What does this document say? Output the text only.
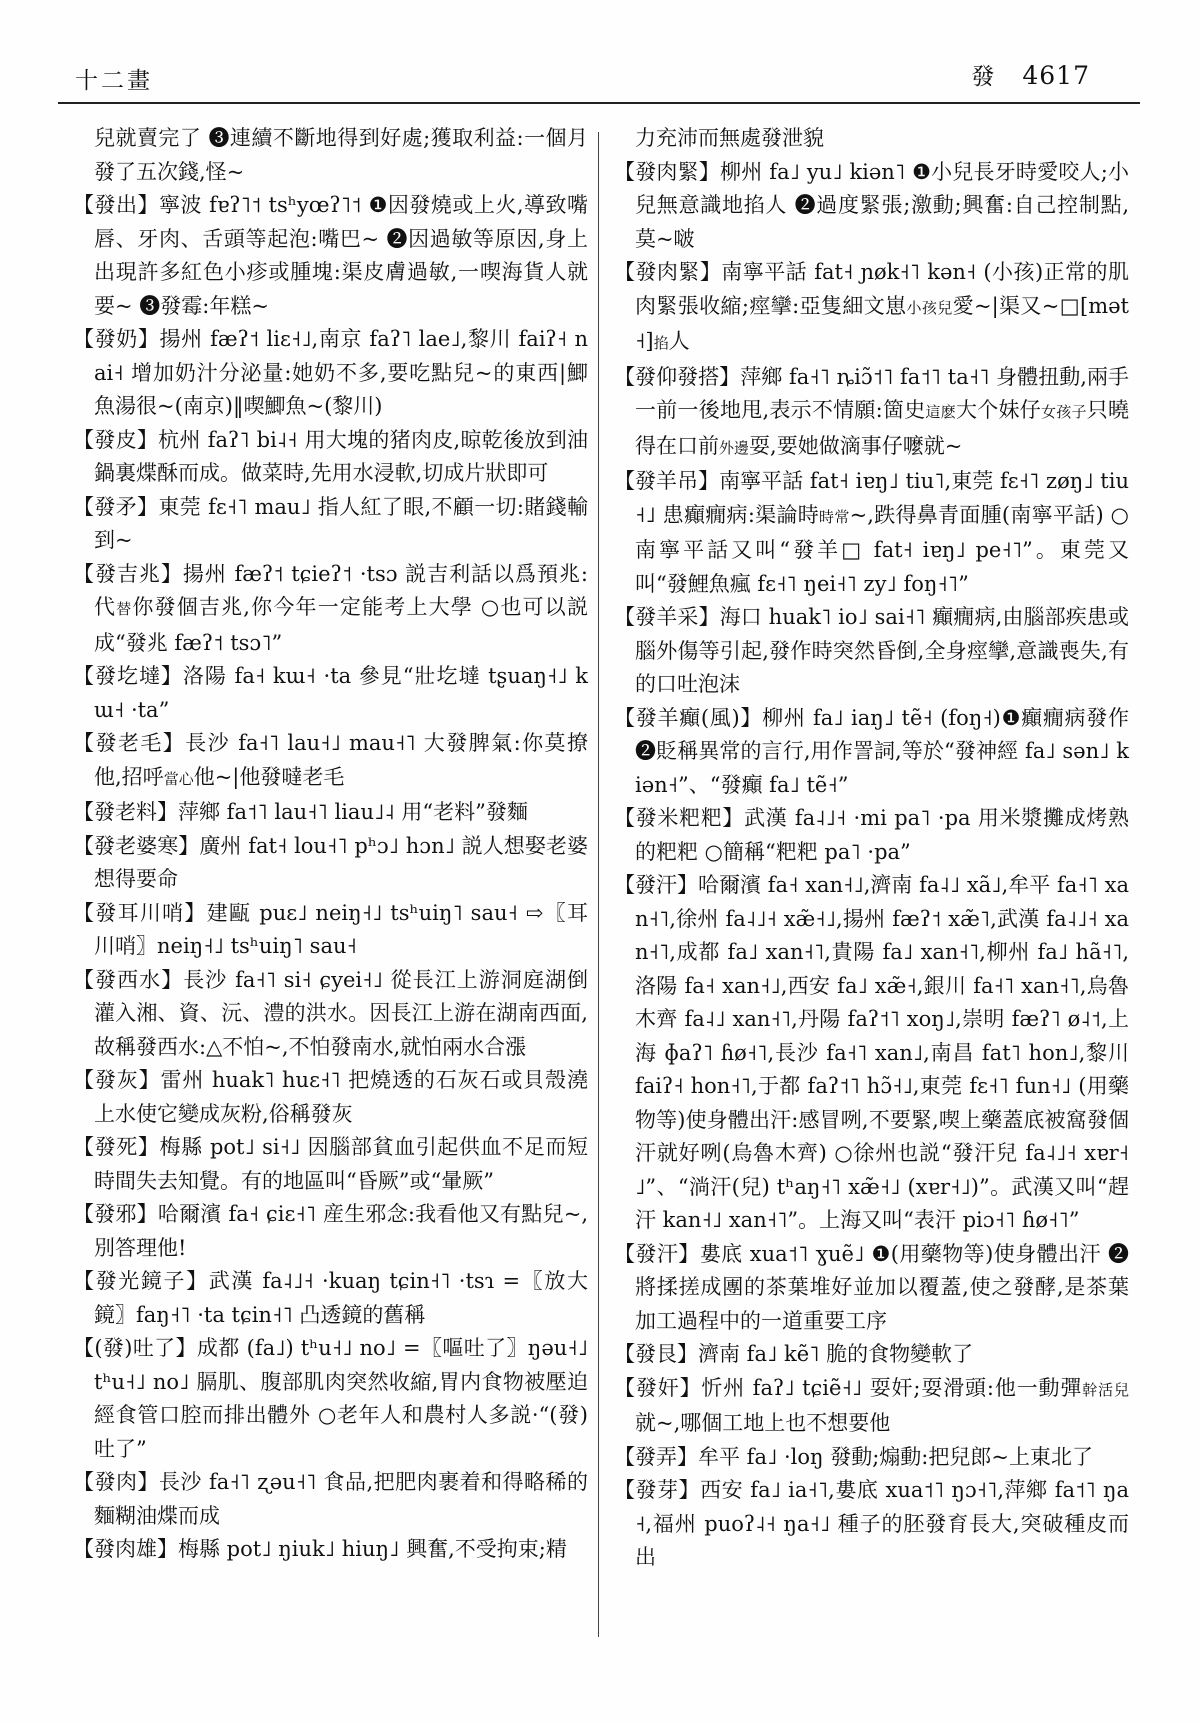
十二畫	發 4617

兒就賣完了 ❸連續不斷地得到好處;獲取利益:一個月發了五次錢,怪~

【發出】寧波 fɐʔ˥˦ tsʰyœʔ˥˦ ❶因發燒或上火,導致嘴唇、牙肉、舌頭等起泡:嘴巴~ ❷因過敏等原因,身上出現許多紅色小疹或腫塊:渠皮膚過敏,一喫海貨人就要~ ❸發霉:年糕~

【發奶】揚州 fæʔ˦ liɛ˧˩,南京 faʔ˥ lae˩,黎川 faiʔ˧ nai˧ 增加奶汁分泌量:她奶不多,要吃點兒~的東西|鯽魚湯很~(南京)‖喫鯽魚~(黎川)

【發皮】杭州 faʔ˥ bi˨˧ 用大塊的猪肉皮,晾乾後放到油鍋裏煠酥而成。做菜時,先用水浸軟,切成片狀即可

【發矛】東莞 fɛ˧˥ mau˩ 指人紅了眼,不顧一切:賭錢輸到~

【發吉兆】揚州 fæʔ˦ tɕieʔ˦ ·tsɔ 説吉利話以爲預兆:代替你發個吉兆,你今年一定能考上大學 ○也可以説成“發兆 fæʔ˦ tsɔ˥”

【發圪墶】洛陽 fa˧ kɯ˧ ·ta 參見“壯圪墶 tʂuaŋ˧˩ kɯ˧ ·ta”

【發老毛】長沙 fa˧˥ lau˧˩ mau˧˥ 大發脾氣:你莫撩他,招呼當心他~|他發噠老毛

【發老料】萍鄉 fa˦˥ lau˧˥ liau˩˨ 用“老料”發麵

【發老婆寒】廣州 fat˧ lou˧˥ pʰɔ˩ hɔn˩ 説人想娶老婆想得要命

【發耳川哨】建甌 puɛ˩ neiŋ˧˩ tsʰuiŋ˥ sau˧ ⇨〖耳川哨〗neiŋ˧˩ tsʰuiŋ˥ sau˧

【發西水】長沙 fa˧˥ si˧ ɕyei˧˩ 從長江上游洞庭湖倒灌入湘、資、沅、澧的洪水。因長江上游在湖南西面,故稱發西水:△不怕~,不怕發南水,就怕兩水合漲

【發灰】雷州 huak˥ huɛ˧˥ 把燒透的石灰石或貝殼澆上水使它變成灰粉,俗稱發灰

【發死】梅縣 pot˩ si˧˩ 因腦部貧血引起供血不足而短時間失去知覺。有的地區叫“昏厥”或“暈厥”

【發邪】哈爾濱 fa˧ ɕiɛ˧˥ 産生邪念:我看他又有點兒~,別答理他!

【發光鏡子】武漢 fa˨˩˧ ·kuaŋ tɕin˧˥ ·tsɿ =〖放大鏡〗faŋ˧˥ ·ta tɕin˧˥ 凸透鏡的舊稱

【(發)吐了】成都 (fa˩) tʰu˧˩ no˩ =〖嘔吐了〗ŋəu˧˩ tʰu˧˩ no˩ 膈肌、腹部肌肉突然收縮,胃内食物被壓迫經食管口腔而排出體外 ○老年人和農村人多説·“(發)吐了”

【發肉】長沙 fa˧˥ ʐəu˧˥ 食品,把肥肉裹着和得略稀的麵糊油煠而成

【發肉雄】梅縣 pot˩ ŋiuk˩ hiuŋ˩ 興奮,不受拘束;精

力充沛而無處發泄貌

【發肉緊】柳州 fa˩ yu˩ kiən˥ ❶小兒長牙時愛咬人;小兒無意識地掐人 ❷過度緊張;激動;興奮:自己控制點,莫~啵

【發肉緊】南寧平話 fat˧ ɲøk˧˥ kən˧ (小孩)正常的肌肉緊張收縮;痙攣:亞隻細文崽小孩兒愛~|渠又~□[mət˧]掐人

【發仰發搭】萍鄉 fa˧˥ ȵiɔ̃˦˥ fa˦˥ ta˧˥ 身體扭動,兩手一前一後地甩,表示不情願:箇史這麽大个妹仔女孩子只曉得在口前外邊耍,要她做滴事仔嚒就~

【發羊吊】南寧平話 fat˧ iɐŋ˩ tiu˥,東莞 fɛ˧˥ zøŋ˩ tiu˧˩ 患癲癇病:渠論時時常~,跌得鼻青面腫(南寧平話) ○南寧平話又叫“發羊□ fat˧ iɐŋ˩ pe˧˥”。東莞又叫“發鯉魚瘋 fɛ˧˥ ŋei˧˥ zy˩ foŋ˧˥”

【發羊采】海口 huak˥ io˩ sai˧˥ 癲癇病,由腦部疾患或腦外傷等引起,發作時突然昏倒,全身痙攣,意識喪失,有的口吐泡沫

【發羊癲(風)】柳州 fa˩ iaŋ˩ tẽ˧ (foŋ˧)❶癲癇病發作 ❷貶稱異常的言行,用作詈詞,等於“發神經 fa˩ sən˩ kiən˧”、“發癲 fa˩ tẽ˧”

【發米粑粑】武漢 fa˨˩˧ ·mi pa˥ ·pa 用米漿攤成烤熟的粑粑 ○簡稱“粑粑 pa˥ ·pa”

【發汗】哈爾濱 fa˧ xan˧˩,濟南 fa˨˩ xã˩,牟平 fa˧˥ xan˧˥,徐州 fa˨˩˧ xæ̃˧˩,揚州 fæʔ˦ xæ̃˥,武漢 fa˨˩˧ xan˧˥,成都 fa˩ xan˧˥,貴陽 fa˩ xan˧˥,柳州 fa˩ hã˧˥,洛陽 fa˧ xan˧˩,西安 fa˩ xæ̃˧,銀川 fa˧˥ xan˧˥,烏魯木齊 fa˨˩ xan˧˥,丹陽 faʔ˦˥ xoŋ˩,崇明 fæʔ˥ ø˨˦,上海 ɸaʔ˥ ɦø˧˥,長沙 fa˧˥ xan˩,南昌 fat˥ hon˩,黎川 faiʔ˧ hon˧˥,于都 faʔ˦˥ hɔ̃˧˩,東莞 fɛ˧˥ fun˧˩ (用藥物等)使身體出汗:感冒咧,不要緊,喫上藥蓋底被窩發個汗就好咧(烏魯木齊) ○徐州也説“發汗兒 fa˨˩˧ xɐr˧˩”、“淌汗(兒) tʰaŋ˧˥ xæ̃˧˩ (xɐr˧˩)”。武漢又叫“趕汗 kan˧˩ xan˧˥”。上海又叫“表汗 piɔ˧˥ ɦø˧˥”

【發汗】婁底 xua˦˥ ɣuẽ˩ ❶(用藥物等)使身體出汗 ❷將揉搓成團的茶葉堆好並加以覆蓋,使之發酵,是茶葉加工過程中的一道重要工序

【發艮】濟南 fa˩ kẽ˥ 脆的食物變軟了

【發奸】忻州 faʔ˩ tɕiẽ˧˩ 耍奸;耍滑頭:他一動彈幹活兒就~,哪個工地上也不想要他

【發弄】牟平 fa˩ ·loŋ 發動;煽動:把兒郎~上東北了

【發芽】西安 fa˩ ia˧˥,婁底 xua˦˥ ŋɔ˧˥,萍鄉 fa˦˥ ŋa˧,福州 puoʔ˨˧ ŋa˧˩ 種子的胚發育長大,突破種皮而出
